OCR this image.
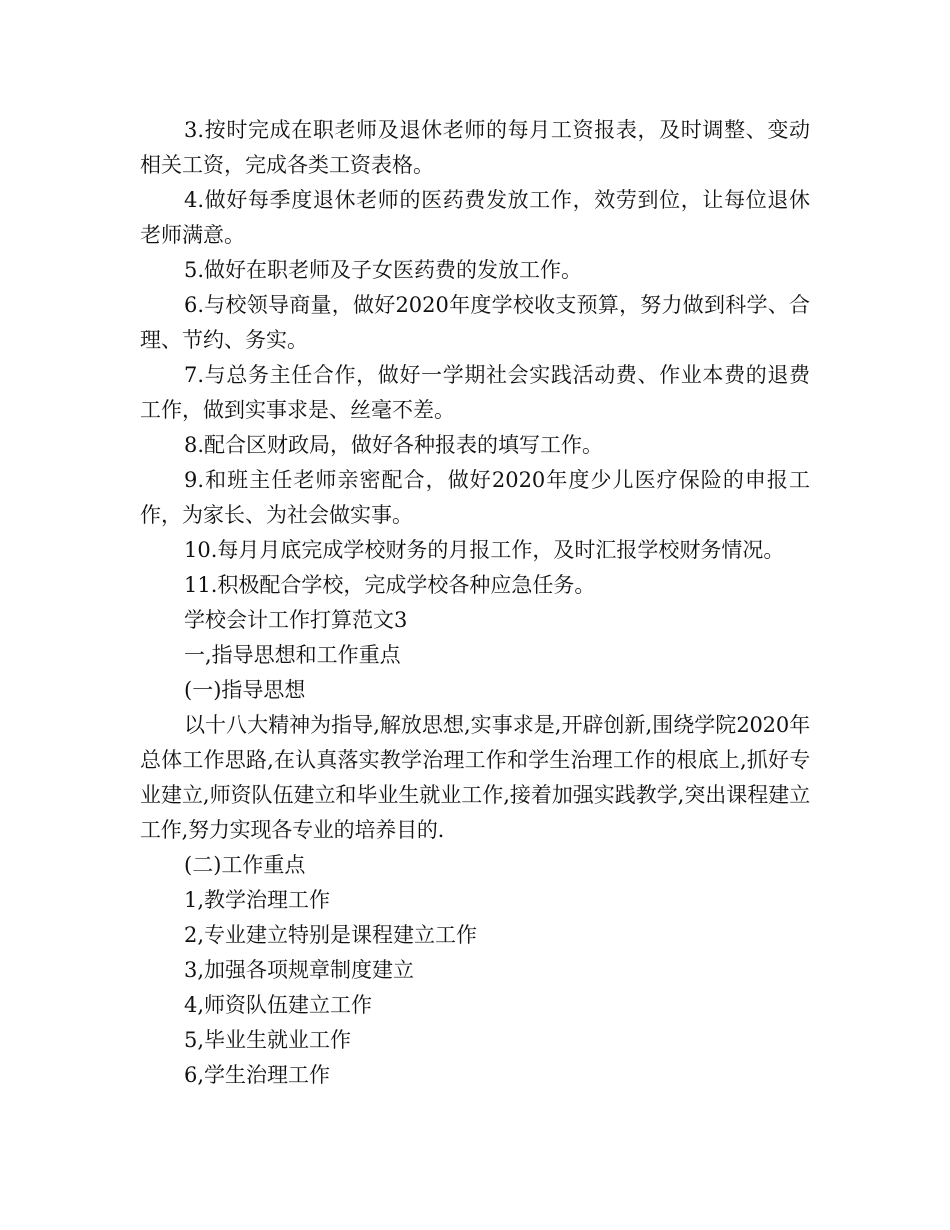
3.按时完成在职老师及退休老师的每月工资报表，及时调整、变动相关工资，完成各类工资表格。

4.做好每季度退休老师的医药费发放工作，效劳到位，让每位退休老师满意。

5.做好在职老师及子女医药费的发放工作。

6.与校领导商量，做好2020年度学校收支预算，努力做到科学、合理、节约、务实。

7.与总务主任合作，做好一学期社会实践活动费、作业本费的退费工作，做到实事求是、丝毫不差。

8.配合区财政局，做好各种报表的填写工作。

9.和班主任老师亲密配合，做好2020年度少儿医疗保险的申报工作，为家长、为社会做实事。

10.每月月底完成学校财务的月报工作，及时汇报学校财务情况。

11.积极配合学校，完成学校各种应急任务。

学校会计工作打算范文3

一,指导思想和工作重点

(一)指导思想

以十八大精神为指导,解放思想,实事求是,开辟创新,围绕学院2020年总体工作思路,在认真落实教学治理工作和学生治理工作的根底上,抓好专业建立,师资队伍建立和毕业生就业工作,接着加强实践教学,突出课程建立工作,努力实现各专业的培养目的.

(二)工作重点

1,教学治理工作

2,专业建立特别是课程建立工作

3,加强各项规章制度建立

4,师资队伍建立工作

5,毕业生就业工作

6,学生治理工作
